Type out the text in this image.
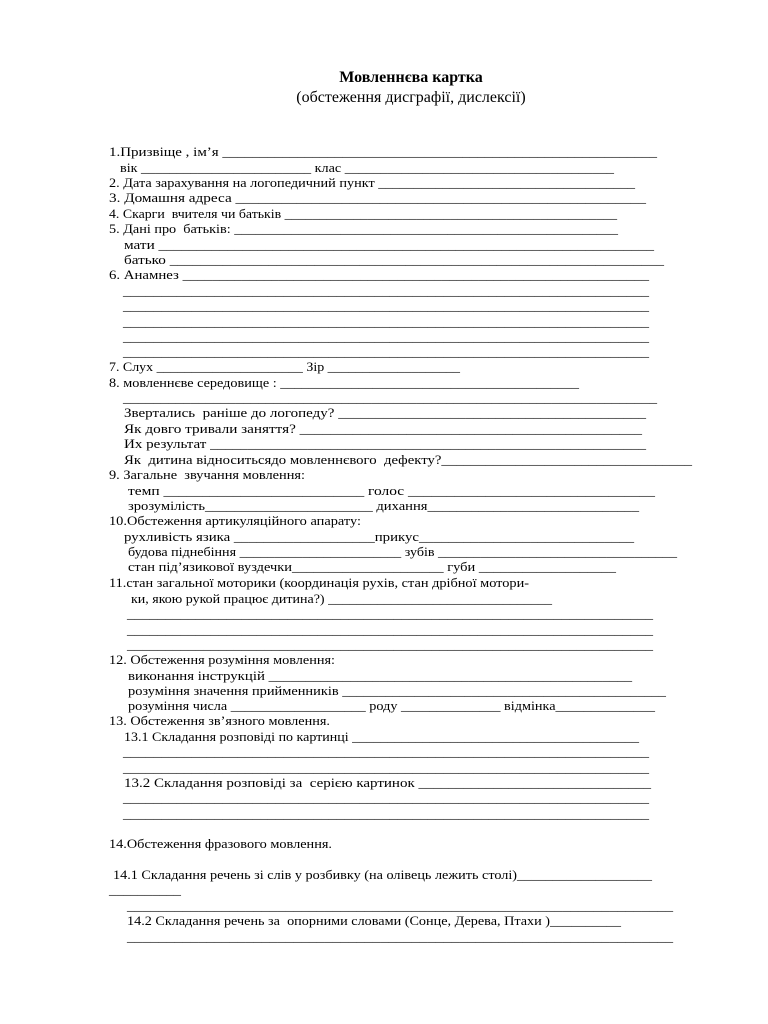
Мовленнєва картка
(обстеження дисграфії, дислексії)
1.Призвіще , ім’я __________________________________________________________
вік ________________________ клас ______________________________________
2. Дата зарахування на логопедичний пункт ____________________________________
3. Домашня адреса ______________________________________________________
4. Скарги  вчителя чи батьків ________________________________________________
5. Дані про  батьків: ______________________________________________________
мати _________________________________________________________________
батько _________________________________________________________________
6. Анамнез _______________________________________________________________
_____________________________________________________________________
_____________________________________________________________________
_____________________________________________________________________
_____________________________________________________________________
_____________________________________________________________________
7. Слух _____________________ Зір ___________________
8. мовленнєве середовище : __________________________________________
_______________________________________________________________________
Звертались  раніше до логопеду? _________________________________________
Як довго тривали заняття? _____________________________________________
Их результат __________________________________________________________
Як  дитина відноситьсядо мовленнєвого  дефекту?__________________________________
9. Загальне  звучання мовлення:
темп __________________________ голос ________________________________
зрозумілість_______________________ дихання_____________________________
10.Обстеження артикуляційного апарату:
рухливість язика ___________________прикус_____________________________
будова піднебіння _______________________ зубів __________________________________
стан під’язикової вуздечки_____________________ губи ___________________
11.стан загальної моторики (координація рухів, стан дрібної мотори-
ки, якою рукой працює дитина?) ________________________________
_____________________________________________________________________
_____________________________________________________________________
_____________________________________________________________________
12. Обстеження розуміння мовлення:
виконання інструкцій _________________________________________________
розуміння значення прийменників _____________________________________________
розуміння числа ___________________ роду ______________ відмінка______________
13. Обстеження зв’язного мовлення.
13.1 Складання розповіді по картинці _________________________________________
_____________________________________________________________________
_____________________________________________________________________
13.2 Складання розповіді за  серією картинок _______________________________
_____________________________________________________________________
_____________________________________________________________________
14.Обстеження фразового мовлення.
14.1 Складання речень зі слів у розбивку (на олівець лежить столі)___________________
__________
_____________________________________________________________________
14.2 Складання речень за  опорними словами (Сонце, Дерева, Птахи )__________
_____________________________________________________________________
